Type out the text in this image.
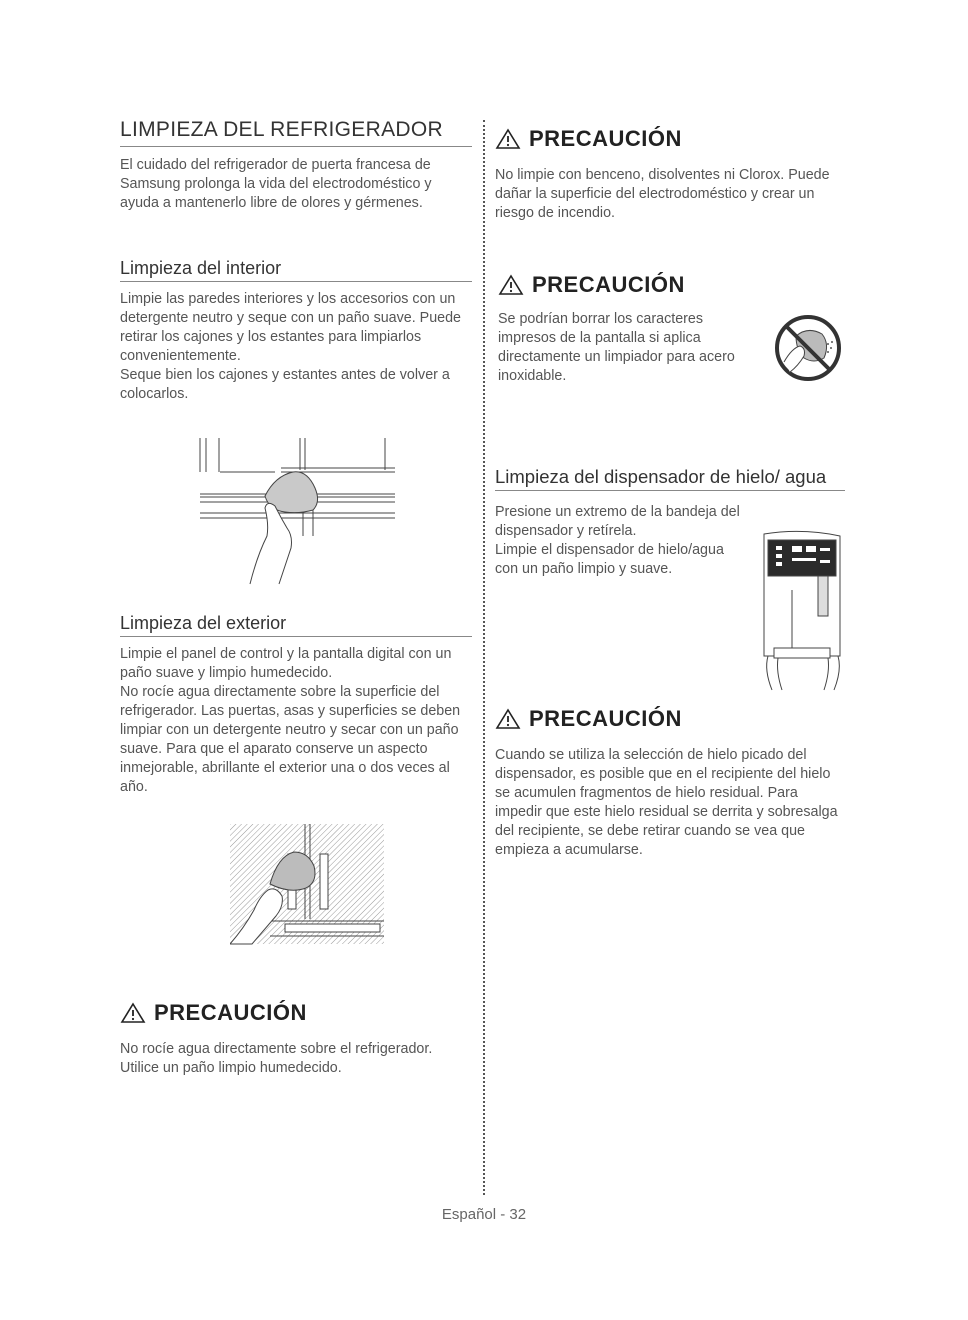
LIMPIEZA DEL REFRIGERADOR

El cuidado del refrigerador de puerta francesa de Samsung prolonga la vida del electrodoméstico y ayuda a mantenerlo libre de olores y gérmenes.

Limpieza del interior

Limpie las paredes interiores y los accesorios con un detergente neutro y seque con un paño suave. Puede retirar los cajones y los estantes para limpiarlos convenientemente.

Seque bien los cajones y estantes antes de volver a colocarlos.

Limpieza del exterior

Limpie el panel de control y la pantalla digital con un paño suave y limpio humedecido.

No rocíe agua directamente sobre la superficie del refrigerador. Las puertas, asas y superficies se deben limpiar con un detergente neutro y secar con un paño suave. Para que el aparato conserve un aspecto inmejorable, abrillante el exterior una o dos veces al año.

PRECAUCIÓN

No rocíe agua directamente sobre el refrigerador. Utilice un paño limpio humedecido.

PRECAUCIÓN

No limpie con benceno, disolventes ni Clorox. Puede dañar la superficie del electrodoméstico y crear un riesgo de incendio.

PRECAUCIÓN

Se podrían borrar los caracteres impresos de la pantalla si aplica directamente un limpiador para acero inoxidable.

Limpieza del dispensador de hielo/ agua

Presione un extremo de la bandeja del dispensador y retírela.

Limpie el dispensador de hielo/agua con un paño limpio y suave.

PRECAUCIÓN

Cuando se utiliza la selección de hielo picado del dispensador, es posible que en el recipiente del hielo se acumulen fragmentos de hielo residual. Para impedir que este hielo residual se derrita y sobresalga del recipiente, se debe retirar cuando se vea que empieza a acumularse.

Español - 32
